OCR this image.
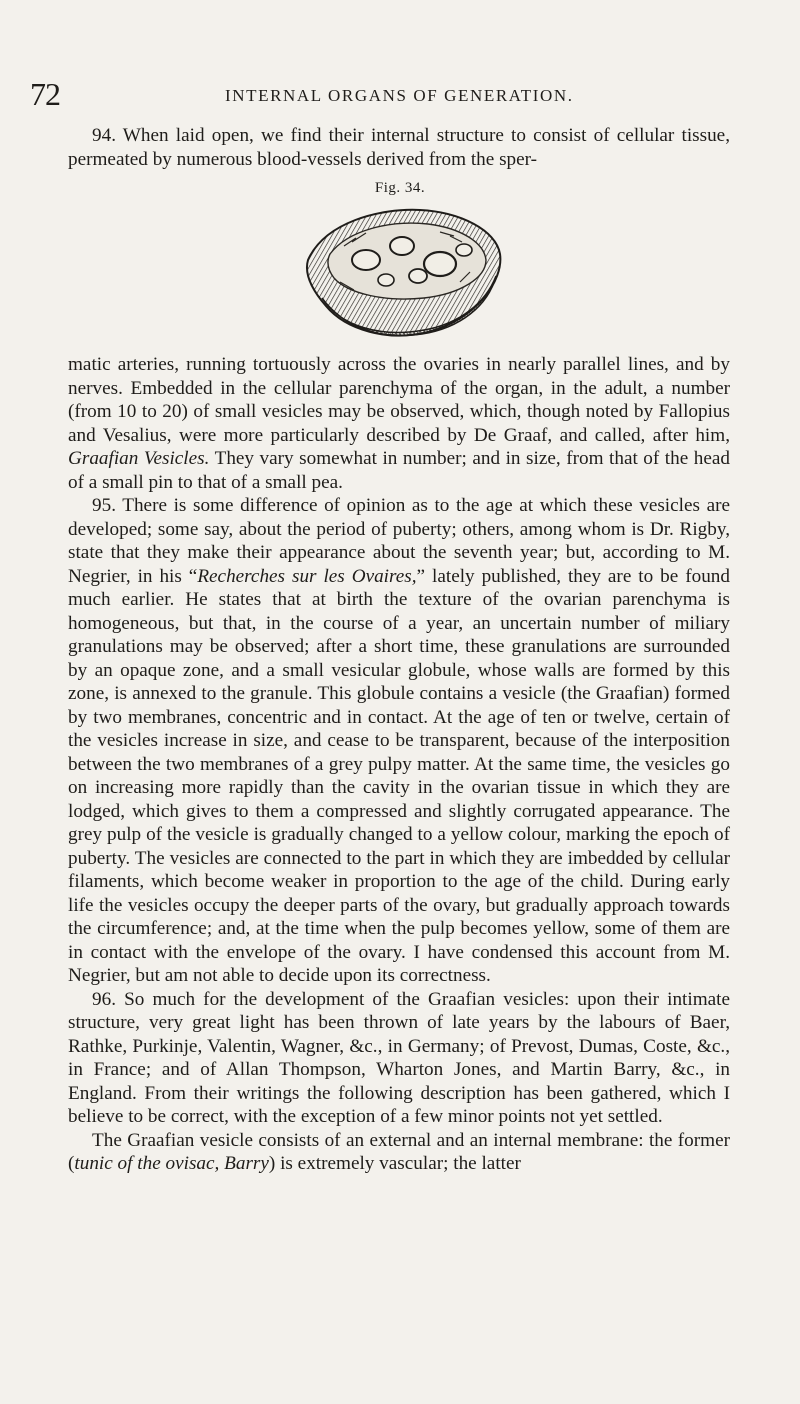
72	INTERNAL ORGANS OF GENERATION.

94. When laid open, we find their internal structure to consist of cellular tissue, permeated by numerous blood-vessels derived from the sper-

Fig. 34.

matic arteries, running tortuously across the ovaries in nearly parallel lines, and by nerves. Embedded in the cellular parenchyma of the organ, in the adult, a number (from 10 to 20) of small vesicles may be observed, which, though noted by Fallopius and Vesalius, were more particularly described by De Graaf, and called, after him, Graafian Vesicles. They vary somewhat in number; and in size, from that of the head of a small pin to that of a small pea.

95. There is some difference of opinion as to the age at which these vesicles are developed; some say, about the period of puberty; others, among whom is Dr. Rigby, state that they make their appearance about the seventh year; but, according to M. Negrier, in his “Recherches sur les Ovaires,” lately published, they are to be found much earlier. He states that at birth the texture of the ovarian parenchyma is homogeneous, but that, in the course of a year, an uncertain number of miliary granulations may be observed; after a short time, these granulations are surrounded by an opaque zone, and a small vesicular globule, whose walls are formed by this zone, is annexed to the granule. This globule contains a vesicle (the Graafian) formed by two membranes, concentric and in contact. At the age of ten or twelve, certain of the vesicles increase in size, and cease to be transparent, because of the interposition between the two membranes of a grey pulpy matter. At the same time, the vesicles go on increasing more rapidly than the cavity in the ovarian tissue in which they are lodged, which gives to them a compressed and slightly corrugated appearance. The grey pulp of the vesicle is gradually changed to a yellow colour, marking the epoch of puberty. The vesicles are connected to the part in which they are imbedded by cellular filaments, which become weaker in proportion to the age of the child. During early life the vesicles occupy the deeper parts of the ovary, but gradually approach towards the circumference; and, at the time when the pulp becomes yellow, some of them are in contact with the envelope of the ovary. I have condensed this account from M. Negrier, but am not able to decide upon its correctness.

96. So much for the development of the Graafian vesicles: upon their intimate structure, very great light has been thrown of late years by the labours of Baer, Rathke, Purkinje, Valentin, Wagner, &c., in Germany; of Prevost, Dumas, Coste, &c., in France; and of Allan Thompson, Wharton Jones, and Martin Barry, &c., in England. From their writings the following description has been gathered, which I believe to be correct, with the exception of a few minor points not yet settled.

The Graafian vesicle consists of an external and an internal membrane: the former (tunic of the ovisac, Barry) is extremely vascular; the latter
